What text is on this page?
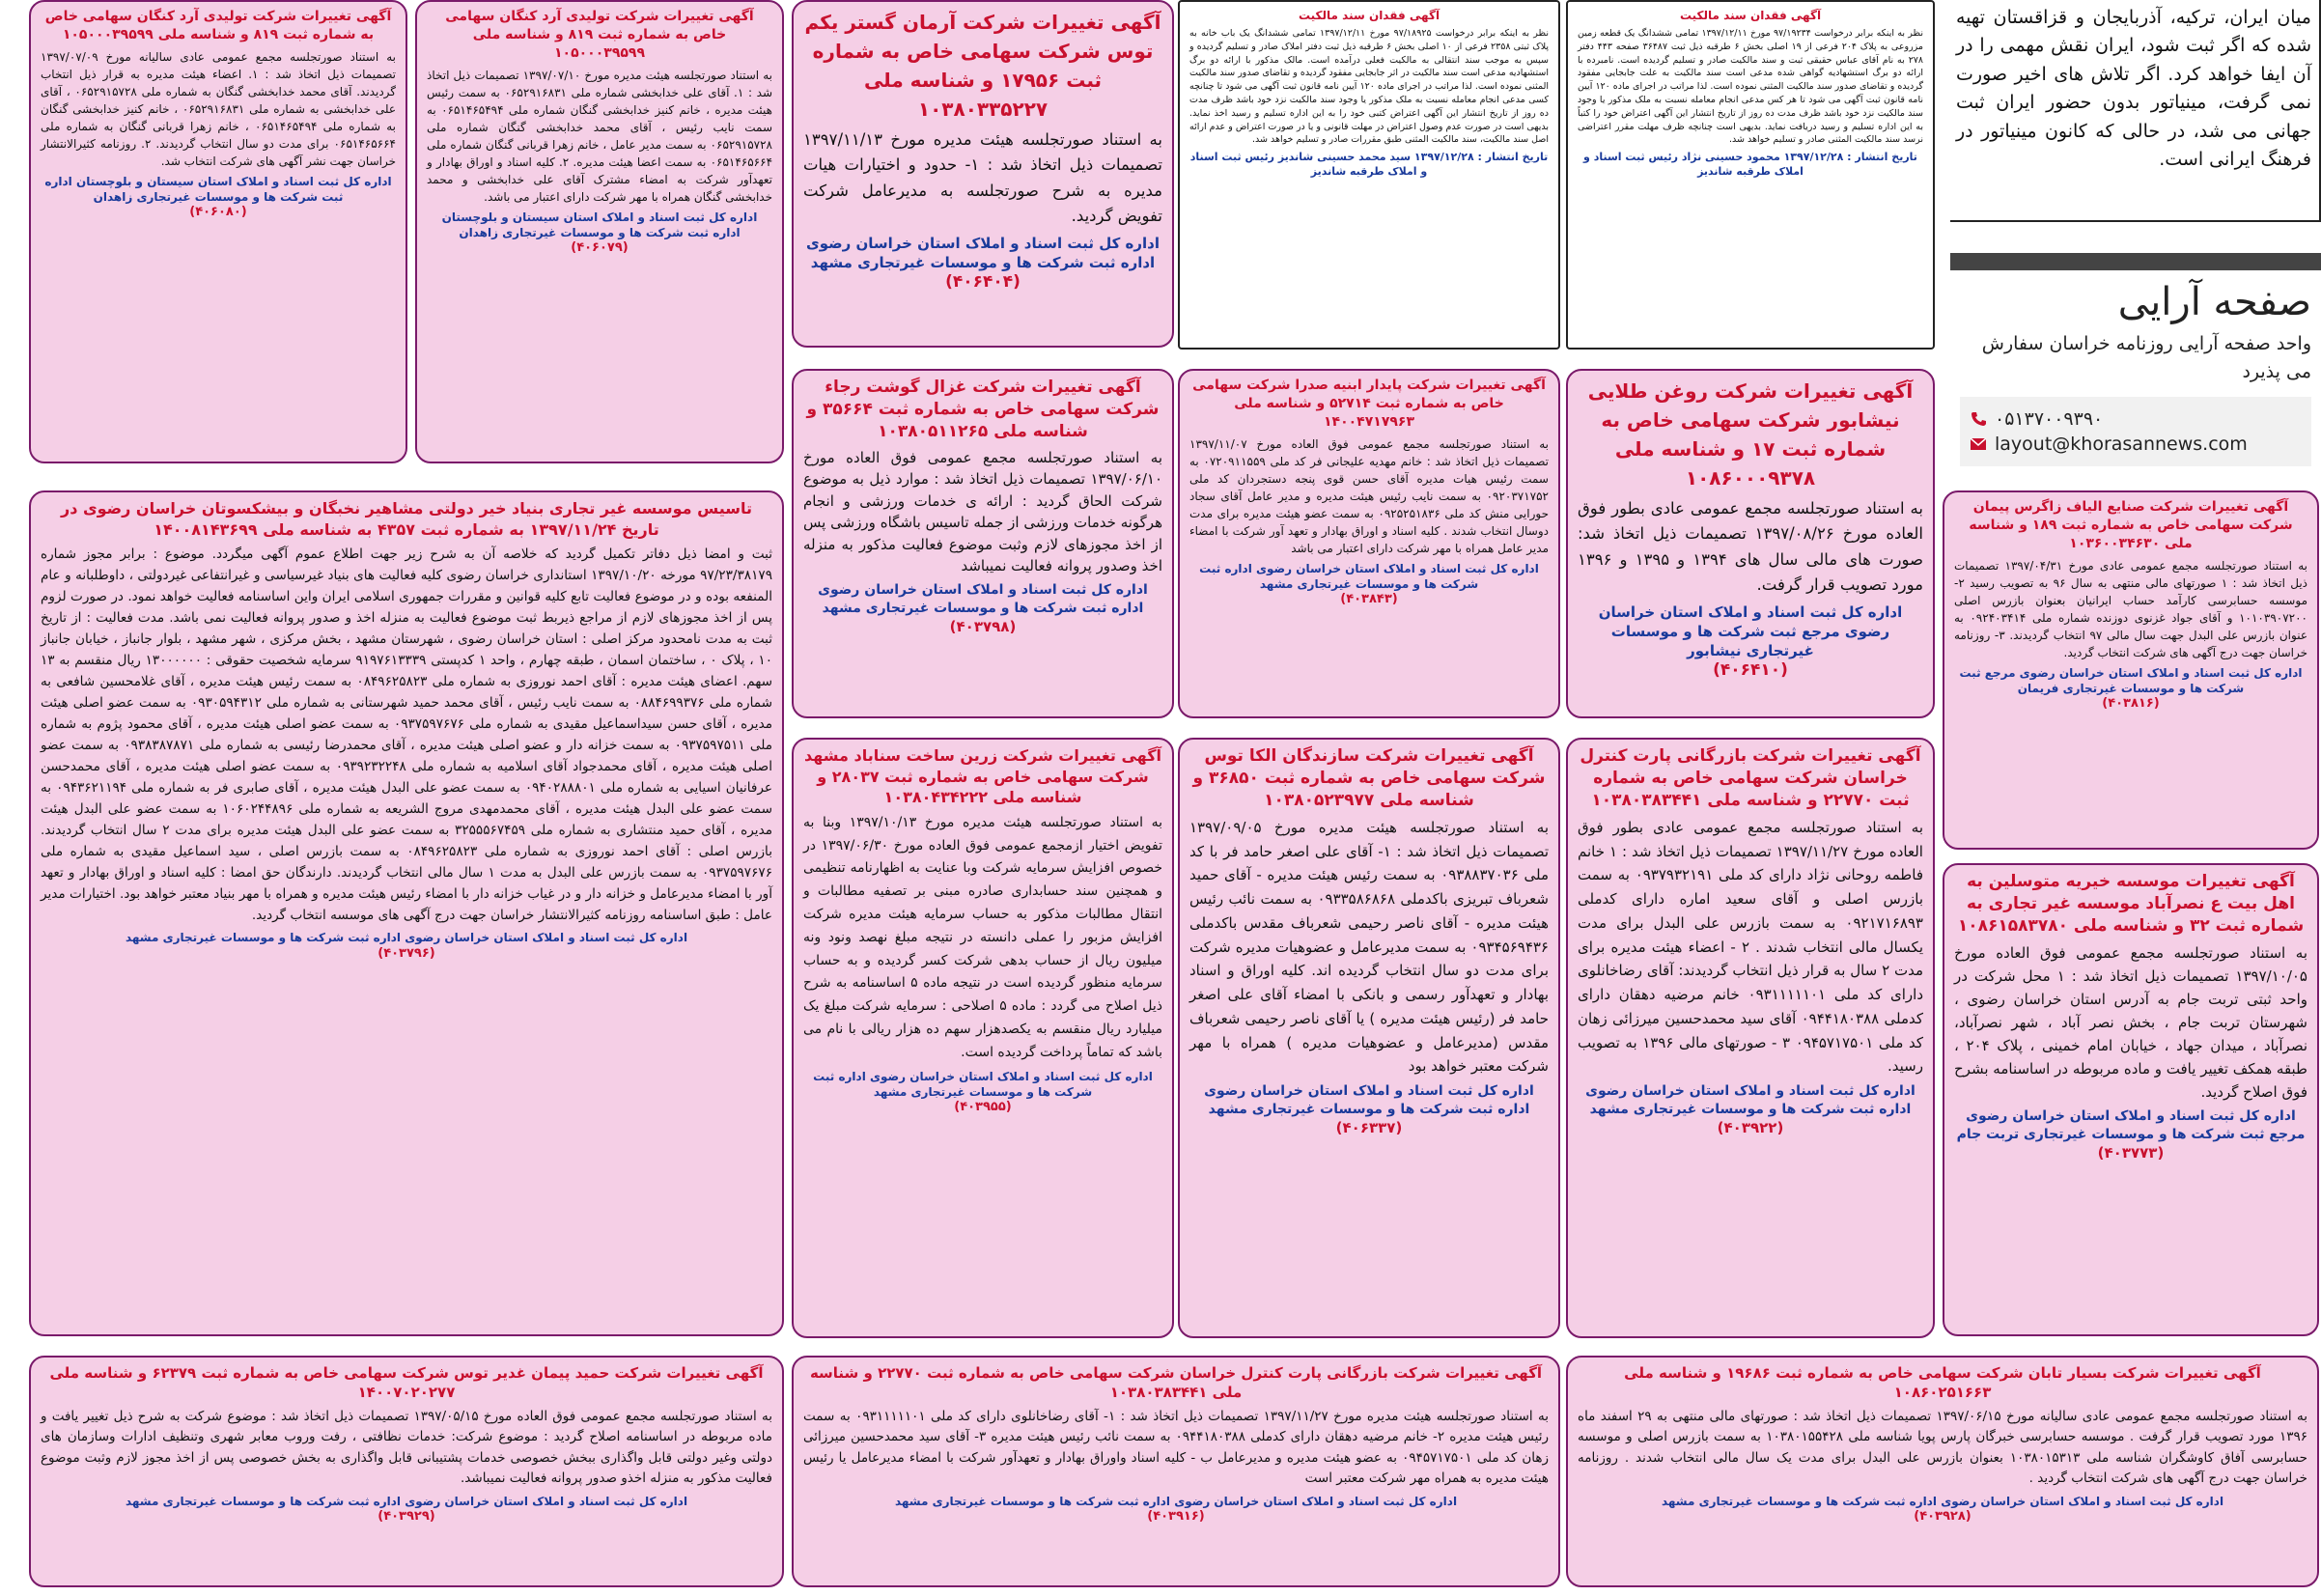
میان ایران، ترکیه، آذربایجان و قزاقستان تهیه شده که اگر ثبت شود، ایران نقش مهمی را در آن ایفا خواهد کرد. اگر تلاش های اخیر صورت نمی گرفت، مینیاتور بدون حضور ایران ثبت جهانی می شد، در حالی که کانون مینیاتور در فرهنگ ایرانی است.
صفحه آرایی
واحد صفحه آرایی روزنامه خراسان سفارش می پذیرد
۰۵۱۳۷۰۰۹۳۹۰
layout@khorasannews.com
آگهی تغییرات شرکت تولیدی آرد کنگان سهامی خاص به شماره ثبت ۸۱۹ و شناسه ملی ۱۰۵۰۰۰۳۹۵۹۹
به استناد صورتجلسه مجمع عمومی عادی سالیانه مورخ ۱۳۹۷/۰۷/۰۹ تصمیمات ذیل اتخاذ شد : ۱. اعضاء هیئت مدیره به قرار ذیل انتخاب گردیدند. آقای محمد خدابخشی گنگان به شماره ملی ۰۶۵۲۹۱۵۷۲۸ ، آقای علی خدابخشی به شماره ملی ۰۶۵۲۹۱۶۸۳۱ ، خانم کنیز خدابخشی گنگان به شماره ملی ۰۶۵۱۴۶۵۴۹۴ ، خانم زهرا قربانی گنگان به شماره ملی ۰۶۵۱۴۶۵۶۶۴ برای مدت دو سال انتخاب گردیدند. ۲. روزنامه کثیرالانتشار خراسان جهت نشر آگهی های شرکت انتخاب شد.
اداره کل ثبت اسناد و املاک استان سیستان و بلوچستان اداره ثبت شرکت ها و موسسات غیرتجاری زاهدان
(۴۰۶۰۸۰)
آگهی تغییرات شرکت تولیدی آرد کنگان سهامی خاص به شماره ثبت ۸۱۹ و شناسه ملی ۱۰۵۰۰۰۳۹۵۹۹
به استناد صورتجلسه هیئت مدیره مورخ ۱۳۹۷/۰۷/۱۰ تصمیمات ذیل اتخاذ شد : ۱. آقای علی خدابخشی شماره ملی ۰۶۵۲۹۱۶۸۳۱ به سمت رئیس هیئت مدیره ، خانم کنیز خدابخشی گنگان شماره ملی ۰۶۵۱۴۶۵۴۹۴ به سمت نایب رئیس ، آقای محمد خدابخشی گنگان شماره ملی ۰۶۵۲۹۱۵۷۲۸ به سمت مدیر عامل ، خانم زهرا قربانی گنگان شماره ملی ۰۶۵۱۴۶۵۶۶۴ به سمت اعضا هیئت مدیره. ۲. کلیه اسناد و اوراق بهادار و تعهدآور شرکت به امضاء مشترک آقای علی خدابخشی و محمد خدابخشی گنگان همراه با مهر شرکت دارای اعتبار می باشد.
اداره کل ثبت اسناد و املاک استان سیستان و بلوچستان اداره ثبت شرکت ها و موسسات غیرتجاری زاهدان
(۴۰۶۰۷۹)
آگهی تغییرات شرکت آرمان گستر یکم توس شرکت سهامی خاص به شماره ثبت ۱۷۹۵۶ و شناسه ملی ۱۰۳۸۰۳۳۵۲۲۷
به استناد صورتجلسه هیئت مدیره مورخ ۱۳۹۷/۱۱/۱۳ تصمیمات ذیل اتخاذ شد : ۱- حدود و اختیارات هیات مدیره به شرح صورتجلسه به مدیرعامل شرکت تفویض گردید.
اداره کل ثبت اسناد و املاک استان خراسان رضوی اداره ثبت شرکت ها و موسسات غیرتجاری مشهد
(۴۰۶۴۰۴)
آگهی فقدان سند مالکیت
نظر به اینکه برابر درخواست ۹۷/۱۸۹۲۵ مورخ ۱۳۹۷/۱۲/۱۱ تمامی ششدانگ یک باب خانه به پلاک ثبتی ۲۳۵۸ فرعی از ۱۰ اصلی بخش ۶ طرقبه ذیل ثبت دفتر املاک صادر و تسلیم گردیده و سپس به موجب سند انتقالی به مالکیت فعلی درآمده است. مالک مذکور با ارائه دو برگ استشهادیه مدعی است سند مالکیت در اثر جابجایی مفقود گردیده و تقاضای صدور سند مالکیت المثنی نموده است. لذا مراتب در اجرای ماده ۱۲۰ آیین نامه قانون ثبت آگهی می شود تا چنانچه کسی مدعی انجام معامله نسبت به ملک مذکور یا وجود سند مالکیت نزد خود باشد ظرف مدت ده روز از تاریخ انتشار این آگهی اعتراض کتبی خود را به این اداره تسلیم و رسید اخذ نماید. بدیهی است در صورت عدم وصول اعتراض در مهلت قانونی و یا در صورت اعتراض و عدم ارائه اصل سند مالکیت، سند مالکیت المثنی طبق مقررات صادر و تسلیم خواهد شد.
تاریخ انتشار : ۱۳۹۷/۱۲/۲۸ سید محمد حسینی شاندیز رئیس ثبت اسناد و املاک طرقبه شاندیز
آگهی فقدان سند مالکیت
نظر به اینکه برابر درخواست ۹۷/۱۹۲۳۴ مورخ ۱۳۹۷/۱۲/۱۱ تمامی ششدانگ یک قطعه زمین مزروعی به پلاک ۲۰۴ فرعی از ۱۹ اصلی بخش ۶ طرقبه ذیل ثبت ۳۶۴۸۷ صفحه ۴۴۳ دفتر ۲۷۸ به نام آقای عباس حقیقی ثبت و سند مالکیت صادر و تسلیم گردیده است. نامبرده با ارائه دو برگ استشهادیه گواهی شده مدعی است سند مالکیت به علت جابجایی مفقود گردیده و تقاضای صدور سند مالکیت المثنی نموده است. لذا مراتب در اجرای ماده ۱۲۰ آیین نامه قانون ثبت آگهی می شود تا هر کس مدعی انجام معامله نسبت به ملک مذکور یا وجود سند مالکیت نزد خود باشد ظرف مدت ده روز از تاریخ انتشار این آگهی اعتراض خود را کتباً به این اداره تسلیم و رسید دریافت نماید. بدیهی است چنانچه ظرف مهلت مقرر اعتراضی نرسد سند مالکیت المثنی صادر و تسلیم خواهد شد.
تاریخ انتشار : ۱۳۹۷/۱۲/۲۸ محمود حسینی نژاد رئیس ثبت اسناد و املاک طرقبه شاندیز
تاسیس موسسه غیر تجاری بنیاد خیر دولتی مشاهیر نخبگان و بیشکسوتان خراسان رضوی در تاریخ ۱۳۹۷/۱۱/۲۴ به شماره ثبت ۴۳۵۷ به شناسه ملی ۱۴۰۰۸۱۴۳۶۹۹
ثبت و امضا ذیل دفاتر تکمیل گردید که خلاصه آن به شرح زیر جهت اطلاع عموم آگهی میگردد. موضوع : برابر مجوز شماره ۹۷/۲۳/۳۸۱۷۹ مورخه ۱۳۹۷/۱۰/۲۰ استانداری خراسان رضوی کلیه فعالیت های بنیاد غیرسیاسی و غیرانتفاعی غیردولتی ، داوطلبانه و عام المنفعه بوده و در موضوع فعالیت تابع کلیه قوانین و مقررات جمهوری اسلامی ایران واین اساسنامه فعالیت خواهد نمود. در صورت لزوم پس از اخذ مجوزهای لازم از مراجع ذیربط ثبت موضوع فعالیت به منزله اخذ و صدور پروانه فعالیت نمی باشد. مدت فعالیت : از تاریخ ثبت به مدت نامحدود مرکز اصلی : استان خراسان رضوی ، شهرستان مشهد ، بخش مرکزی ، شهر مشهد ، بلوار جانباز ، خیابان جانباز ۱۰ ، پلاک ۰ ، ساختمان اسمان ، طبقه چهارم ، واحد ۱ کدپستی ۹۱۹۷۶۱۳۳۳۹ سرمایه شخصیت حقوقی : ۱۳۰۰۰۰۰۰ ریال منقسم به ۱۳ سهم. اعضای هیئت مدیره : آقای احمد نوروزی به شماره ملی ۰۸۴۹۶۲۵۸۲۳ به سمت رئیس هیئت مدیره ، آقای غلامحسین شافعی به شماره ملی ۰۸۸۴۶۹۹۳۷۶ به سمت نایب رئیس ، آقای محمد حمید شهرستانی به شماره ملی ۰۹۳۰۵۹۴۳۱۲ به سمت عضو اصلی هیئت مدیره ، آقای حسن سیداسماعیل مقیدی به شماره ملی ۰۹۳۷۵۹۷۶۷۶ به سمت عضو اصلی هیئت مدیره ، آقای محمود پژوم به شماره ملی ۰۹۳۷۵۹۷۵۱۱ به سمت خزانه دار و عضو اصلی هیئت مدیره ، آقای محمدرضا رئیسی به شماره ملی ۰۹۳۸۳۸۷۸۷۱ به سمت عضو اصلی هیئت مدیره ، آقای محمدجواد آقای اسلامیه به شماره ملی ۰۹۳۹۲۳۲۲۴۸ به سمت عضو اصلی هیئت مدیره ، آقای محمدحسن عرفانیان اسیایی به شماره ملی ۰۹۴۰۲۸۸۸۰۱ به سمت عضو علی البدل هیئت مدیره ، آقای صابری فر به شماره ملی ۰۹۴۳۶۲۱۱۹۴ به سمت عضو علی البدل هیئت مدیره ، آقای محمدمهدی مروج الشریعه به شماره ملی ۱۰۶۰۲۴۴۸۹۶ به سمت عضو علی البدل هیئت مدیره ، آقای حمید منتشاری به شماره ملی ۳۲۵۵۵۶۷۴۵۹ به سمت عضو علی البدل هیئت مدیره برای مدت ۲ سال انتخاب گردیدند. بازرس اصلی : آقای احمد نوروزی به شماره ملی ۰۸۴۹۶۲۵۸۲۳ به سمت بازرس اصلی ، سید اسماعیل مقیدی به شماره ملی ۰۹۳۷۵۹۷۶۷۶ به سمت بازرس علی البدل به مدت ۱ سال مالی انتخاب گردیدند. دارندگان حق امضا : کلیه اسناد و اوراق بهادار و تعهد آور با امضاء مدیرعامل و خزانه دار و در غیاب خزانه دار با امضاء رئیس هیئت مدیره و همراه با مهر بنیاد معتبر خواهد بود. اختیارات مدیر عامل : طبق اساسنامه روزنامه کثیرالانتشار خراسان جهت درج آگهی های موسسه انتخاب گردید.
اداره کل ثبت اسناد و املاک استان خراسان رضوی اداره ثبت شرکت ها و موسسات غیرتجاری مشهد
(۴۰۳۷۹۶)
آگهی تغییرات شرکت غزال گوشت رجاء شرکت سهامی خاص به شماره ثبت ۳۵۶۶۴ و شناسه ملی ۱۰۳۸۰۵۱۱۲۶۵
به استناد صورتجلسه مجمع عمومی فوق العاده مورخ ۱۳۹۷/۰۶/۱۰ تصمیمات ذیل اتخاذ شد : موارد ذیل به موضوع شرکت الحاق گردید : ارائه ی خدمات ورزشی و انجام هرگونه خدمات ورزشی از جمله تاسیس باشگاه ورزشی پس از اخذ مجوزهای لازم وثبت موضوع فعالیت مذکور به منزله اخذ وصدور پروانه فعالیت نمیباشد
اداره کل ثبت اسناد و املاک استان خراسان رضوی اداره ثبت شرکت ها و موسسات غیرتجاری مشهد
(۴۰۳۷۹۸)
آگهی تغییرات شرکت پایدار ابنیه صدرا شرکت سهامی خاص به شماره ثبت ۵۲۷۱۴ و شناسه ملی ۱۴۰۰۴۷۱۷۹۶۳
به استناد صورتجلسه مجمع عمومی فوق العاده مورخ ۱۳۹۷/۱۱/۰۷ تصمیمات ذیل اتخاذ شد : خانم مهدیه علیجانی فر کد ملی ۰۷۲۰۹۱۱۵۵۹ به سمت رئیس هیات مدیره آقای حسن قوی پنجه دستجردان کد ملی ۰۹۲۰۳۷۱۷۵۲ به سمت نایب رئیس هیئت مدیره و مدیر عامل آقای سجاد حورایی منش کد ملی ۰۹۲۵۲۵۱۸۳۶ به سمت عضو هیئت مدیره برای مدت دوسال انتخاب شدند . کلیه اسناد و اوراق بهادار و تعهد آور شرکت با امضاء مدیر عامل همراه با مهر شرکت دارای اعتبار می باشد
اداره کل ثبت اسناد و املاک استان خراسان رضوی اداره ثبت شرکت ها و موسسات غیرتجاری مشهد
(۴۰۳۸۴۳)
آگهی تغییرات شرکت روغن طلایی نیشابور شرکت سهامی خاص به شماره ثبت ۱۷ و شناسه ملی ۱۰۸۶۰۰۰۹۳۷۸
به استناد صورتجلسه مجمع عمومی عادی بطور فوق العاده مورخ ۱۳۹۷/۰۸/۲۶ تصمیمات ذیل اتخاذ شد: صورت های مالی سال های ۱۳۹۴ و ۱۳۹۵ و ۱۳۹۶ مورد تصویب قرار گرفت.
اداره کل ثبت اسناد و املاک استان خراسان رضوی مرجع ثبت شرکت ها و موسسات غیرتجاری نیشابور
(۴۰۶۴۱۰)
آگهی تغییرات شرکت صنایع الیاف زاگرس پیمان شرکت سهامی خاص به شماره ثبت ۱۸۹ و شناسه ملی ۱۰۳۶۰۰۳۴۶۳۰
به استناد صورتجلسه مجمع عمومی عادی مورخ ۱۳۹۷/۰۴/۳۱ تصمیمات ذیل اتخاذ شد : ۱ صورتهای مالی منتهی به سال ۹۶ به تصویب رسید ۲- موسسه حسابرسی کارآمد حساب ایرانیان بعنوان بازرس اصلی ۱۰۱۰۳۹۰۷۲۰۰ و آقای جواد غزنوی دوزنده شماره ملی ۰۹۲۴۰۳۴۱۴ به عنوان بازرس علی البدل جهت سال مالی ۹۷ انتخاب گردیدند. ۳- روزنامه خراسان جهت درج آگهی های شرکت انتخاب گردید.
اداره کل ثبت اسناد و املاک استان خراسان رضوی مرجع ثبت شرکت ها و موسسات غیرتجاری فریمان
(۴۰۳۸۱۶)
آگهی تغییرات شرکت زرین ساخت سناباد مشهد شرکت سهامی خاص به شماره ثبت ۲۸۰۳۷ و شناسه ملی ۱۰۳۸۰۴۳۴۲۲۲
به استناد صورتجلسه هیئت مدیره مورخ ۱۳۹۷/۱۰/۱۳ وبنا به تفویض اختیار ازمجمع عمومی فوق العاده مورخ ۱۳۹۷/۰۶/۳۰ در خصوص افزایش سرمایه شرکت وبا عنایت به اظهارنامه تنظیمی و همچنین سند حسابداری صادره مبنی بر تصفیه مطالبات و انتقال مطالبات مذکور به حساب سرمایه هیئت مدیره شرکت افزایش مزبور را عملی دانسته در نتیجه مبلغ نهصد ونود ونه میلیون ریال از حساب بدهی شرکت کسر گردیده و به حساب سرمایه منظور گردیده است در نتیجه ماده ۵ اساسنامه به شرح ذیل اصلاح می گردد : ماده ۵ اصلاحی : سرمایه شرکت مبلغ یک میلیارد ریال منقسم به یکصدهزار سهم ده هزار ریالی با نام می باشد که تماماً پرداخت گردیده است.
اداره کل ثبت اسناد و املاک استان خراسان رضوی اداره ثبت شرکت ها و موسسات غیرتجاری مشهد
(۴۰۳۹۵۵)
آگهی تغییرات شرکت سازندگان الکا توس شرکت سهامی خاص به شماره ثبت ۳۶۸۵۰ و شناسه ملی ۱۰۳۸۰۵۲۳۹۷۷
به استناد صورتجلسه هیئت مدیره مورخ ۱۳۹۷/۰۹/۰۵ تصمیمات ذیل اتخاذ شد : ۱- آقای علی اصغر حامد فر با کد ملی ۰۹۳۸۸۳۷۰۳۶ به سمت رئیس هیئت مدیره - آقای حمید شعرباف تبریزی باکدملی ۰۹۳۳۵۸۶۸۶۸ به سمت نائب رئیس هیئت مدیره - آقای ناصر رحیمی شعرباف مقدس باکدملی ۰۹۳۴۵۶۹۴۳۶ به سمت مدیرعامل و عضوهیات مدیره شرکت برای مدت دو سال انتخاب گردیده اند. کلیه اوراق و اسناد بهادار و تعهدآور رسمی و بانکی با امضاء آقای علی اصغر حامد فر (رئیس هیئت مدیره ) یا آقای ناصر رحیمی شعرباف مقدس (مدیرعامل و عضوهیات مدیره ) همراه با مهر شرکت معتبر خواهد بود
اداره کل ثبت اسناد و املاک استان خراسان رضوی اداره ثبت شرکت ها و موسسات غیرتجاری مشهد
(۴۰۶۳۳۷)
آگهی تغییرات شرکت بازرگانی پارت کنترل خراسان شرکت سهامی خاص به شماره ثبت ۲۲۷۷۰ و شناسه ملی ۱۰۳۸۰۳۸۳۴۴۱
به استناد صورتجلسه مجمع عمومی عادی بطور فوق العاده مورخ ۱۳۹۷/۱۱/۲۷ تصمیمات ذیل اتخاذ شد : ۱ خانم فاطمه روحانی نژاد دارای کد ملی ۰۹۳۷۹۳۲۱۹۱ به سمت بازرس اصلی و آقای سعید اماره دارای کدملی ۰۹۲۱۷۱۶۸۹۳ به سمت بازرس علی البدل برای مدت یکسال مالی انتخاب شدند . ۲ - اعضاء هیئت مدیره برای مدت ۲ سال به قرار ذیل انتخاب گردیدند: آقای رضاخانلوی دارای کد ملی ۰۹۳۱۱۱۱۱۰۱ خانم مرضیه دهقان دارای کدملی ۰۹۴۴۱۸۰۳۸۸ آقای سید محمدحسین میرزائی زهان کد ملی ۰۹۴۵۷۱۷۵۰۱ ۳ - صورتهای مالی ۱۳۹۶ به تصویب رسید.
اداره کل ثبت اسناد و املاک استان خراسان رضوی اداره ثبت شرکت ها و موسسات غیرتجاری مشهد
(۴۰۳۹۲۲)
آگهی تغییرات موسسه خیریه متوسلین به اهل بیت ع نصرآباد موسسه غیر تجاری به شماره ثبت ۳۲ و شناسه ملی ۱۰۸۶۱۵۸۳۷۸۰
به استناد صورتجلسه مجمع عمومی فوق العاده مورخ ۱۳۹۷/۱۰/۰۵ تصمیمات ذیل اتخاذ شد : ۱ محل شرکت در واحد ثبتی تربت جام به آدرس استان خراسان رضوی ، شهرستان تربت جام ، بخش نصر آباد ، شهر نصرآباد، نصرآباد ، میدان جهاد ، خیابان امام خمینی ، پلاک ۲۰۴ ، طبقه همکف تغییر یافت و ماده مربوطه در اساسنامه بشرح فوق اصلاح گردید.
اداره کل ثبت اسناد و املاک استان خراسان رضوی مرجع ثبت شرکت ها و موسسات غیرتجاری تربت جام
(۴۰۳۷۷۳)
آگهی تغییرات شرکت حمید پیمان غدیر توس شرکت سهامی خاص به شماره ثبت ۶۲۳۷۹ و شناسه ملی ۱۴۰۰۷۰۲۰۲۷۷
به استناد صورتجلسه مجمع عمومی فوق العاده مورخ ۱۳۹۷/۰۵/۱۵ تصمیمات ذیل اتخاذ شد : موضوع شرکت به شرح ذیل تغییر یافت و ماده مربوطه در اساسنامه اصلاح گردید : موضوع شرکت: خدمات نظافتی ، رفت وروب معابر شهری وتنظیف ادارات وسازمان های دولتی وغیر دولتی قابل واگذاری ببخش خصوصی خدمات پشتیبانی قابل واگذاری به بخش خصوصی پس از اخذ مجوز لازم وثبت موضوع فعالیت مذکور به منزله اخذو صدور پروانه فعالیت نمیباشد.
اداره کل ثبت اسناد و املاک استان خراسان رضوی اداره ثبت شرکت ها و موسسات غیرتجاری مشهد
(۴۰۳۹۲۹)
آگهی تغییرات شرکت بازرگانی پارت کنترل خراسان شرکت سهامی خاص به شماره ثبت ۲۲۷۷۰ و شناسه ملی ۱۰۳۸۰۳۸۳۴۴۱
به استناد صورتجلسه هیئت مدیره مورخ ۱۳۹۷/۱۱/۲۷ تصمیمات ذیل اتخاذ شد : ۱- آقای رضاخانلوی دارای کد ملی ۰۹۳۱۱۱۱۱۰۱ به سمت رئیس هیئت مدیره ۲- خانم مرضیه دهقان دارای کدملی ۰۹۴۴۱۸۰۳۸۸ به سمت نائب رئیس هیئت مدیره ۳- آقای سید محمدحسین میرزائی زهان کد ملی ۰۹۴۵۷۱۷۵۰۱ به عضو هیئت مدیره و مدیرعامل ب - کلیه اسناد واوراق بهادار و تعهدآور شرکت با امضاء مدیرعامل یا رئیس هیئت مدیره به همراه مهر شرکت معتبر است
اداره کل ثبت اسناد و املاک استان خراسان رضوی اداره ثبت شرکت ها و موسسات غیرتجاری مشهد
(۴۰۳۹۱۶)
آگهی تغییرات شرکت بسیار تابان شرکت سهامی خاص به شماره ثبت ۱۹۶۸۶ و شناسه ملی ۱۰۸۶۰۲۵۱۶۶۳
به استناد صورتجلسه مجمع عمومی عادی سالیانه مورخ ۱۳۹۷/۰۶/۱۵ تصمیمات ذیل اتخاذ شد : صورتهای مالی منتهی به ۲۹ اسفند ماه ۱۳۹۶ مورد تصویب قرار گرفت . موسسه حسابرسی خبرگان پارس پویا شناسه ملی ۱۰۳۸۰۱۵۵۴۲۸ به سمت بازرس اصلی و موسسه حسابرسی آفاق کاوشگران شناسه ملی ۱۰۳۸۰۱۵۳۱۳ بعنوان بازرس علی البدل برای مدت یک سال مالی انتخاب شدند . روزنامه خراسان جهت درج آگهی های شرکت انتخاب گردید .
اداره کل ثبت اسناد و املاک استان خراسان رضوی اداره ثبت شرکت ها و موسسات غیرتجاری مشهد
(۴۰۳۹۲۸)
